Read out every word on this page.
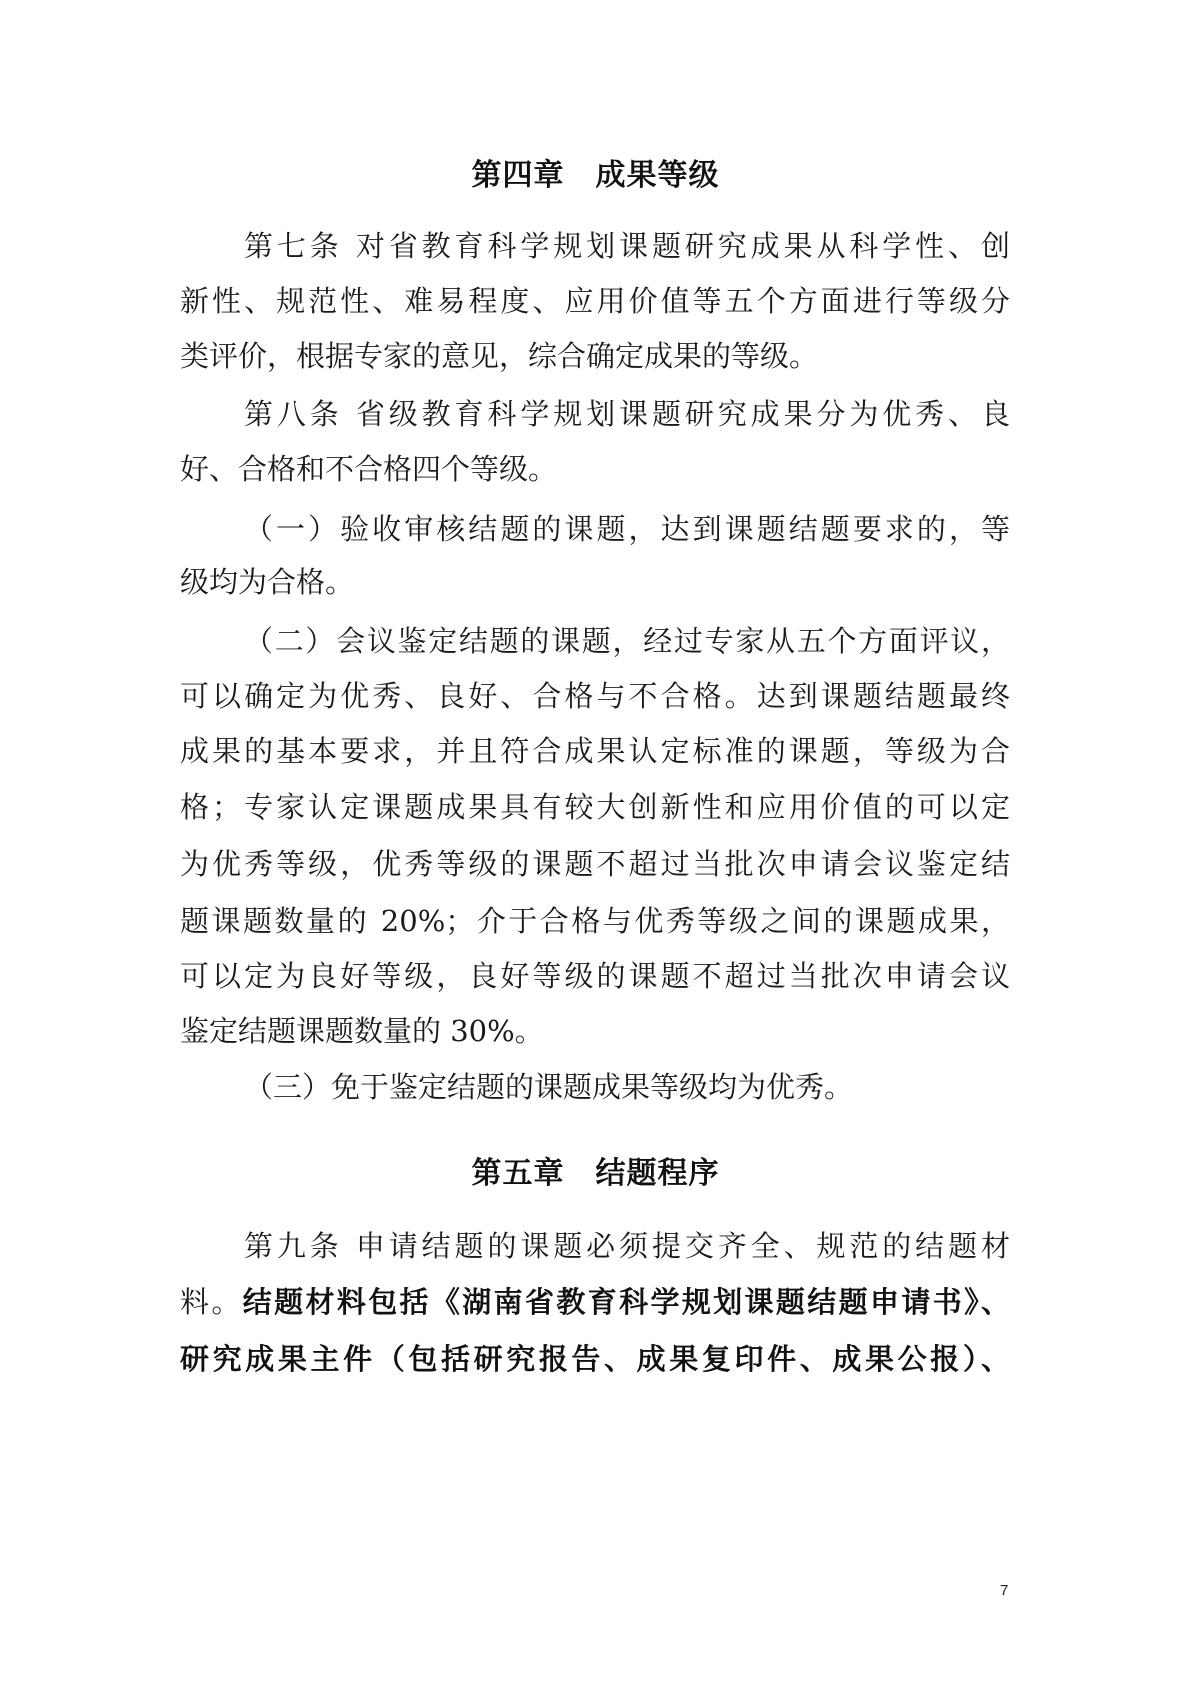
第四章　成果等级

第七条 对省教育科学规划课题研究成果从科学性、创

新性、规范性、难易程度、应用价值等五个方面进行等级分

类评价，根据专家的意见，综合确定成果的等级。

第八条 省级教育科学规划课题研究成果分为优秀、良

好、合格和不合格四个等级。

（一）验收审核结题的课题，达到课题结题要求的，等

级均为合格。

（二）会议鉴定结题的课题，经过专家从五个方面评议，

可以确定为优秀、良好、合格与不合格。达到课题结题最终

成果的基本要求，并且符合成果认定标准的课题，等级为合

格；专家认定课题成果具有较大创新性和应用价值的可以定

为优秀等级，优秀等级的课题不超过当批次申请会议鉴定结

题课题数量的 20%；介于合格与优秀等级之间的课题成果，

可以定为良好等级，良好等级的课题不超过当批次申请会议

鉴定结题课题数量的 30%。

（三）免于鉴定结题的课题成果等级均为优秀。

第五章　结题程序

第九条 申请结题的课题必须提交齐全、规范的结题材

料。结题材料包括《湖南省教育科学规划课题结题申请书》、

研究成果主件（包括研究报告、成果复印件、成果公报）、

7
